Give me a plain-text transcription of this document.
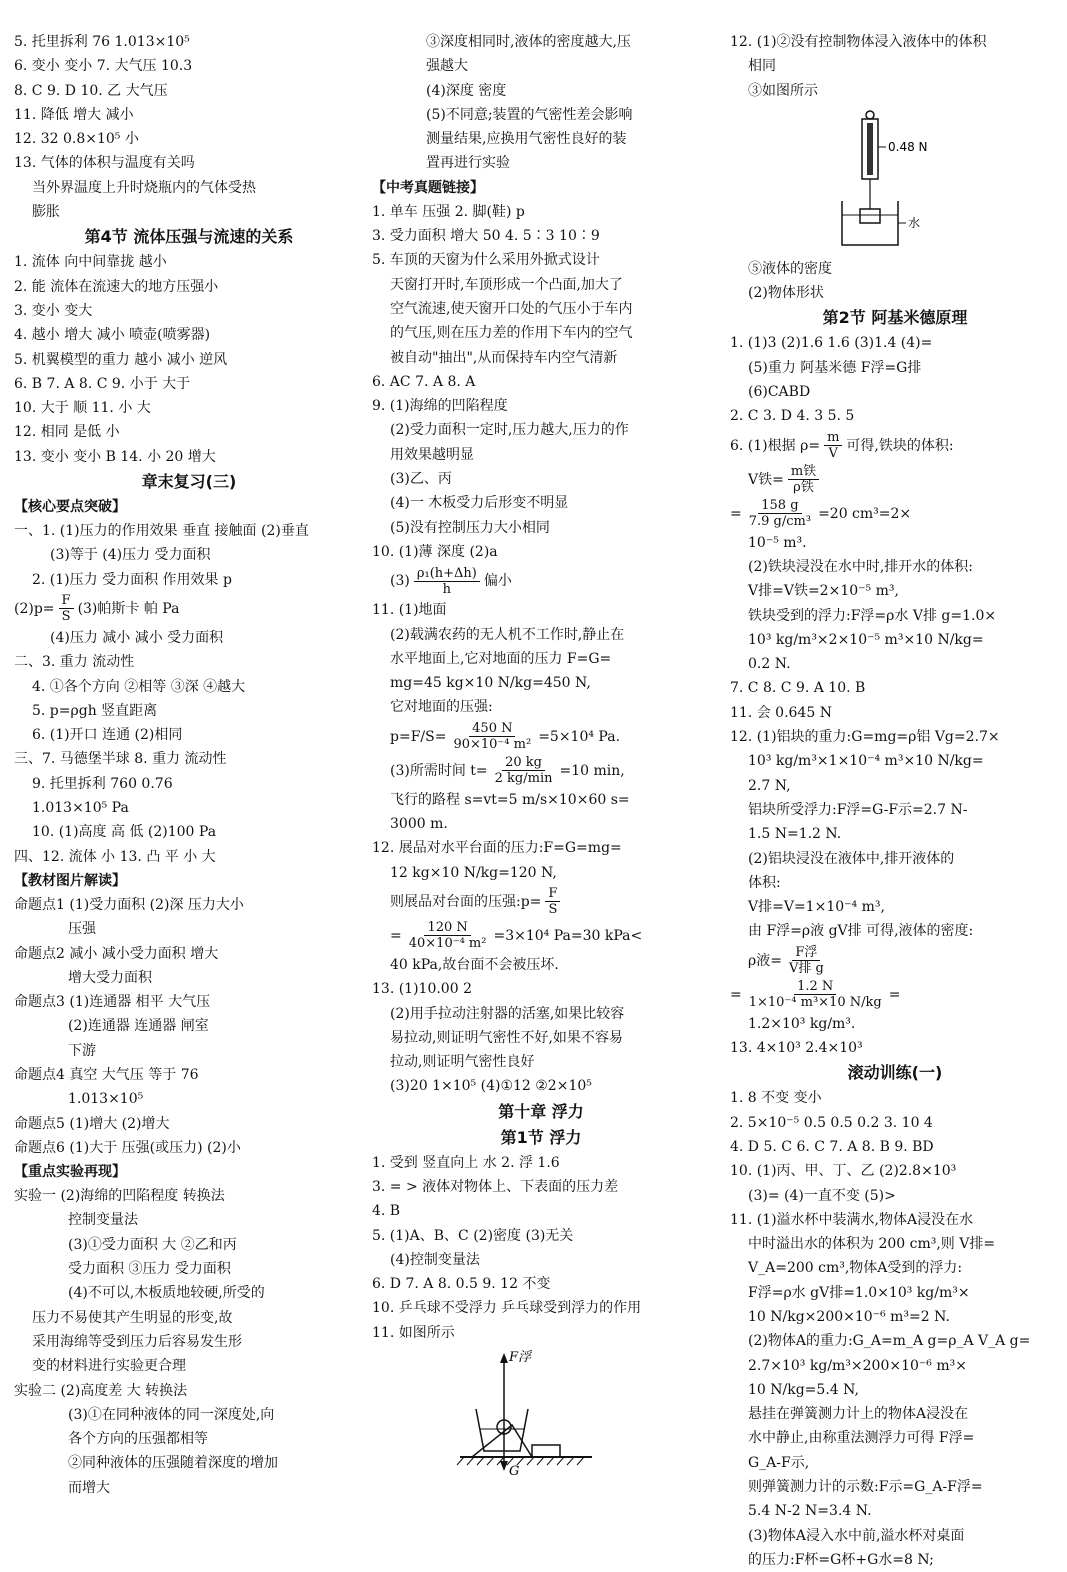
5. 托里拆利 76 1.013×10⁵
6. 变小 变小 7. 大气压 10.3
8. C 9. D 10. 乙 大气压
11. 降低 增大 减小
12. 32 0.8×10⁵ 小
13. 气体的体积与温度有关吗
当外界温度上升时烧瓶内的气体受热
膨胀
第4节 流体压强与流速的关系
1. 流体 向中间靠拢 越小
2. 能 流体在流速大的地方压强小
3. 变小 变大
4. 越小 增大 减小 喷壶(喷雾器)
5. 机翼模型的重力 越小 减小 逆风
6. B 7. A 8. C 9. 小于 大于
10. 大于 顺 11. 小 大
12. 相同 是低 小
13. 变小 变小 B 14. 小 20 增大
章末复习(三)
【核心要点突破】
一、1. (1)压力的作用效果 垂直 接触面 (2)垂直
(3)等于 (4)压力 受力面积
2. (1)压力 受力面积 作用效果 p
$(2)p= \frac{F}{S} (3)$帕斯卡 帕 Pa
(4)压力 减小 减小 受力面积
二、3. 重力 流动性
4. ①各个方向 ②相等 ③深 ④越大
5. p=ρgh 竖直距离
6. (1)开口 连通 (2)相同
三、7. 马德堡半球 8. 重力 流动性
9. 托里拆利 760 0.76
1.013×10⁵ Pa
10. (1)高度 高 低 (2)100 Pa
四、12. 流体 小 13. 凸 平 小 大
【教材图片解读】
命题点1 (1)受力面积 (2)深 压力大小
压强
命题点2 减小 减小受力面积 增大
增大受力面积
命题点3 (1)连通器 相平 大气压
(2)连通器 连通器 闸室
下游
命题点4 真空 大气压 等于 76
1.013×10⁵
命题点5 (1)增大 (2)增大
命题点6 (1)大于 压强(或压力) (2)小
【重点实验再现】
实验一 (2)海绵的凹陷程度 转换法
控制变量法
(3)①受力面积 大 ②乙和丙
受力面积 ③压力 受力面积
(4)不可以,木板质地较硬,所受的
压力不易使其产生明显的形变,故
采用海绵等受到压力后容易发生形
变的材料进行实验更合理
实验二 (2)高度差 大 转换法
(3)①在同种液体的同一深度处,向
各个方向的压强都相等
②同种液体的压强随着深度的增加
而增大
③深度相同时,液体的密度越大,压
强越大
(4)深度 密度
(5)不同意;装置的气密性差会影响
测量结果,应换用气密性良好的装
置再进行实验
【中考真题链接】
1. 单车 压强 2. 脚(鞋) p
3. 受力面积 增大 50 4. 5∶3 10∶9
5. 车顶的天窗为什么采用外掀式设计
天窗打开时,车顶形成一个凸面,加大了
空气流速,使天窗开口处的气压小于车内
的气压,则在压力差的作用下车内的空气
被自动"抽出",从而保持车内空气清新
6. AC 7. A 8. A
9. (1)海绵的凹陷程度
(2)受力面积一定时,压力越大,压力的作
用效果越明显
(3)乙、丙
(4)一 木板受力后形变不明显
(5)没有控制压力大小相同
10. (1)薄 深度 (2)a
$(3) \frac{\text{ρ₁(h+Δh)}}{h}$ 偏小
11. (1)地面
(2)载满农药的无人机不工作时,静止在
水平地面上,它对地面的压力 F=G=
mg=45 kg×10 N/kg=450 N,
它对地面的压强:
$p=F/S= \frac{450 N}{\text{90×10⁻⁴ m²}} =5\times 10^4$ Pa.
(3)所需时间 t= 20 kg
2 kg/min
=10 min,
飞行的路程 s=vt=5 m/s×10×60 s=
3000 m.
12. 展品对水平台面的压力:F=G=mg=
12 kg×10 N/kg=120 N,
则展品对台面的压强:p= $\frac{F}{S}$
= $\frac{120 N}{\text{40×10⁻⁴ m²}} =3\times 10^4$ Pa=30 kPa<
40 kPa,故台面不会被压坏.
13. (1)10.00 2
(2)用手拉动注射器的活塞,如果比较容
易拉动,则证明气密性不好,如果不容易
拉动,则证明气密性良好
(3)20 1×10⁵ (4)①12 ②2×10⁵
第十章 浮力
第1节 浮力
1. 受到 竖直向上 水 2. 浮 1.6
3. = > 液体对物体上、下表面的压力差
4. B
5. (1)A、B、C (2)密度 (3)无关
(4)控制变量法
6. D 7. A 8. 0.5 9. 12 不变
10. 乒乓球不受浮力 乒乓球受到浮力的作用
11. 如图所示
F浮
G
12. (1)②没有控制物体浸入液体中的体积
相同
③如图所示
0.48 N
水
⑤液体的密度
(2)物体形状
第2节 阿基米德原理
1. (1)3 (2)1.6 1.6 (3)1.4 (4)=
(5)重力 阿基米德 F浮=G排
(6)CABD
2. C 3. D 4. 3 5. 5
6. (1)根据 $\rho= \frac{m}{V}$ 可得,铁块的体积:
V铁= m铁
ρ铁
= $\frac{158 g}{\text{7.9 g/cm³}} =20$ cm³=2×
10⁻⁵ m³.
(2)铁块浸没在水中时,排开水的体积:
V排=V铁=2×10⁻⁵ m³,
铁块受到的浮力:F浮=ρ水 V排 g=1.0×
10³ kg/m³×2×10⁻⁵ m³×10 N/kg=
0.2 N.
7. C 8. C 9. A 10. B
11. 会 0.645 N
12. (1)铝块的重力:G=mg=ρ铝 Vg=2.7×
10³ kg/m³×1×10⁻⁴ m³×10 N/kg=
2.7 N,
铝块所受浮力:F浮=G-F示=2.7 N-
1.5 N=1.2 N.
(2)铝块浸没在液体中,排开液体的
体积:
V排=V=1×10⁻⁴ m³,
由 F浮=ρ液 gV排 可得,液体的密度:
ρ液= F浮
V排 g
= $\frac{1.2 N}{\text{1×10⁻⁴ m³×10 N/kg}}$ =
1.2×10³ kg/m³.
13. 4×10³ 2.4×10³
滚动训练(一)
1. 8 不变 变小
2. 5×10⁻⁵ 0.5 0.5 0.2 3. 10 4
4. D 5. C 6. C 7. A 8. B 9. BD
10. (1)丙、甲、丁、乙 (2)2.8×10³
(3)= (4)一直不变 (5)>
11. (1)溢水杯中装满水,物体A浸没在水
中时溢出水的体积为 200 cm³,则 V排=
V_A=200 cm³,物体A受到的浮力:
F浮=ρ水 gV排=1.0×10³ kg/m³×
10 N/kg×200×10⁻⁶ m³=2 N.
(2)物体A的重力:G_A=m_A g=ρ_A V_A g=
2.7×10³ kg/m³×200×10⁻⁶ m³×
10 N/kg=5.4 N,
悬挂在弹簧测力计上的物体A浸没在
水中静止,由称重法测浮力可得 F浮=
G_A-F示,
则弹簧测力计的示数:F示=G_A-F浮=
5.4 N-2 N=3.4 N.
(3)物体A浸入水中前,溢水杯对桌面
的压力:F杯=G杯+G水=8 N;
